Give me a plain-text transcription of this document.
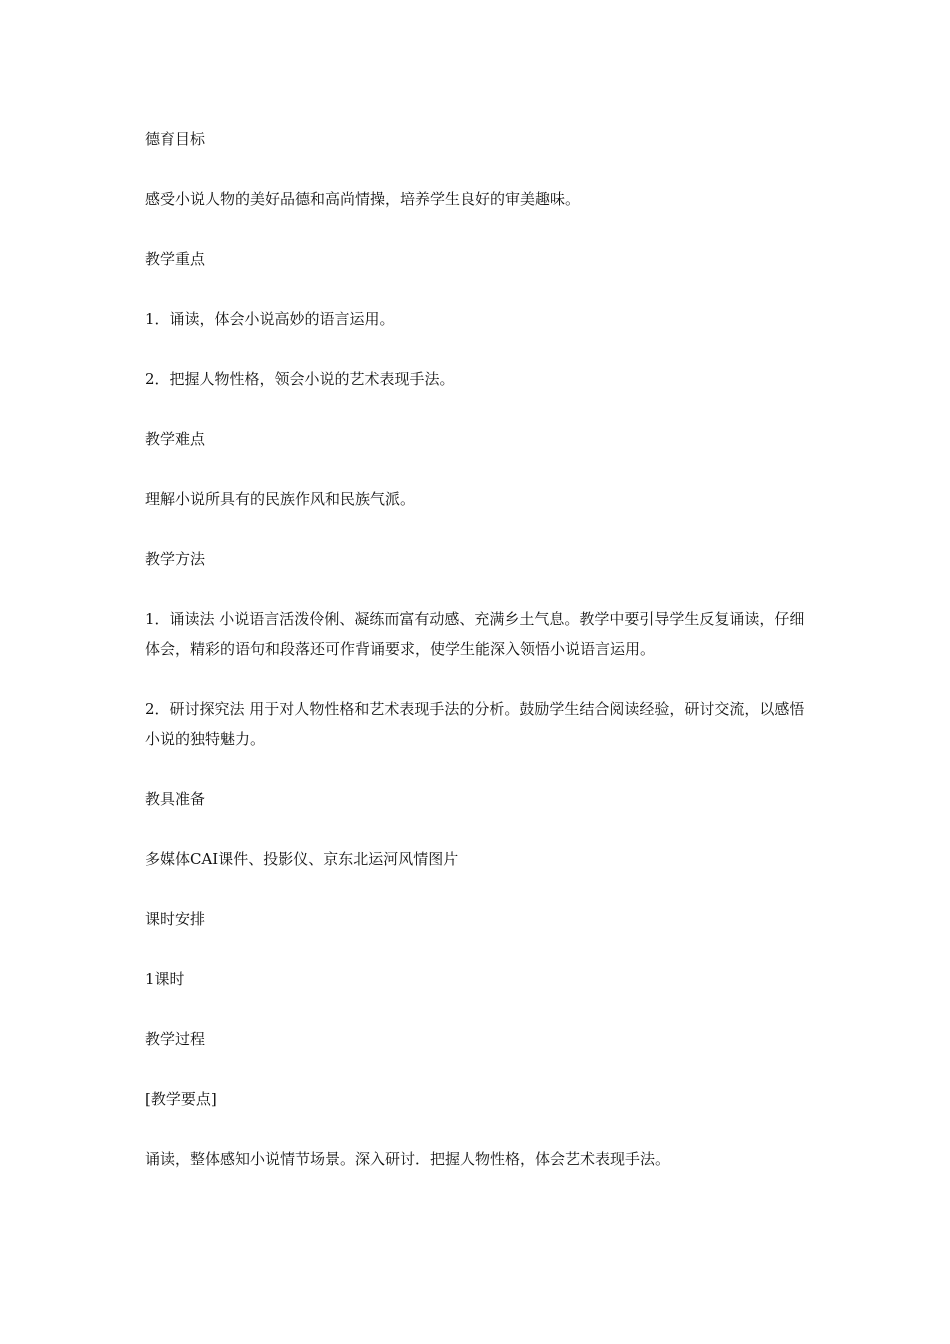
德育目标

感受小说人物的美好品德和高尚情操，培养学生良好的审美趣味。

教学重点

1．诵读，体会小说高妙的语言运用。

2．把握人物性格，领会小说的艺术表现手法。

教学难点

理解小说所具有的民族作风和民族气派。

教学方法

1．诵读法 小说语言活泼伶俐、凝练而富有动感、充满乡土气息。教学中要引导学生反复诵读，仔细体会，精彩的语句和段落还可作背诵要求，使学生能深入领悟小说语言运用。

2．研讨探究法 用于对人物性格和艺术表现手法的分析。鼓励学生结合阅读经验，研讨交流，以感悟小说的独特魅力。

教具准备

多媒体CAI课件、投影仪、京东北运河风情图片

课时安排

1课时

教学过程

[教学要点]

诵读，整体感知小说情节场景。深入研讨．把握人物性格，体会艺术表现手法。
